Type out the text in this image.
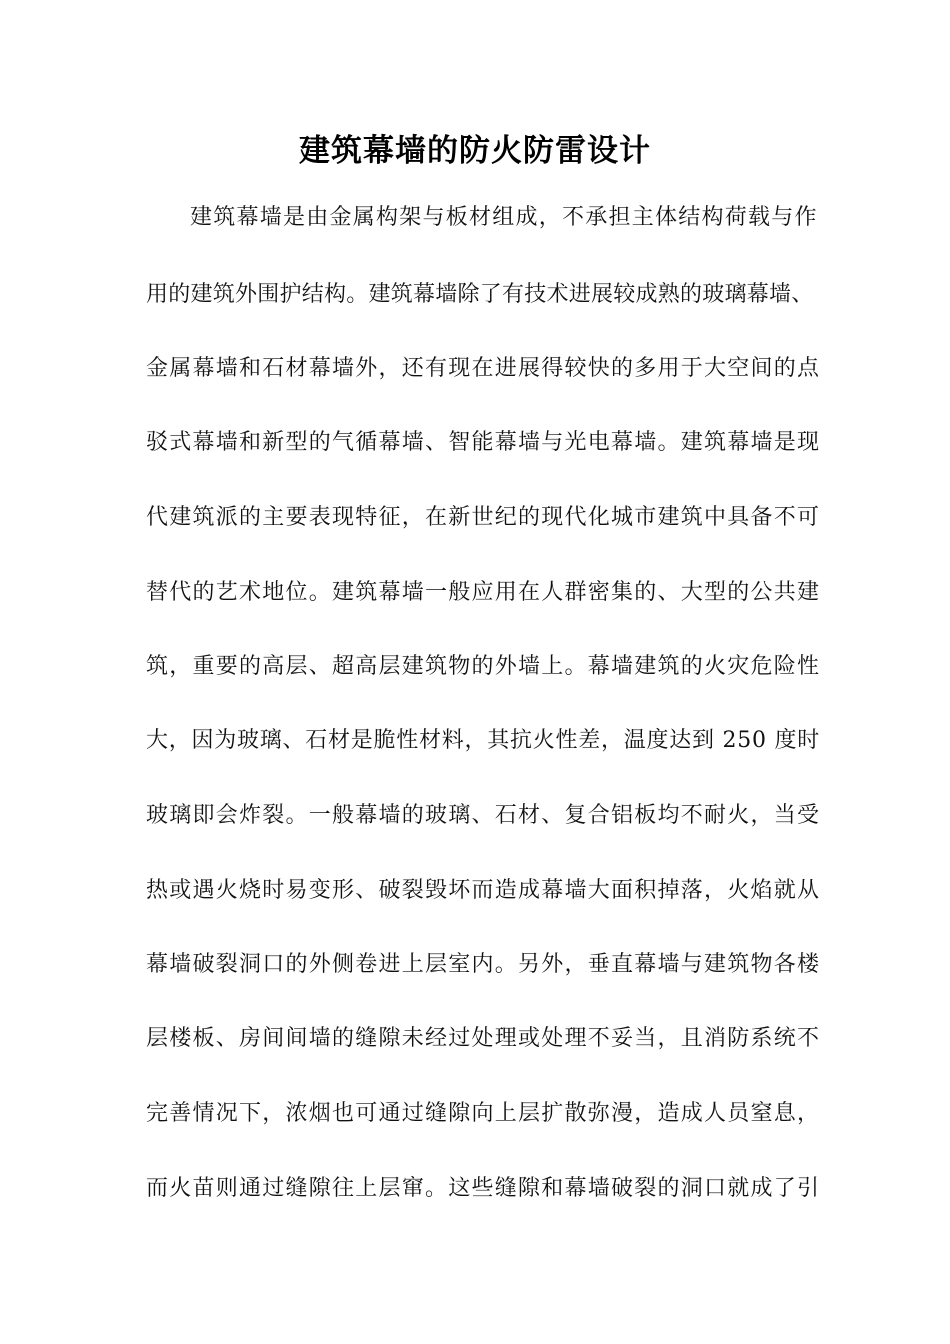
建筑幕墙的防火防雷设计
建筑幕墙是由金属构架与板材组成，不承担主体结构荷载与作
用的建筑外围护结构。建筑幕墙除了有技术进展较成熟的玻璃幕墙、
金属幕墙和石材幕墙外，还有现在进展得较快的多用于大空间的点
驳式幕墙和新型的气循幕墙、智能幕墙与光电幕墙。建筑幕墙是现
代建筑派的主要表现特征，在新世纪的现代化城市建筑中具备不可
替代的艺术地位。建筑幕墙一般应用在人群密集的、大型的公共建
筑，重要的高层、超高层建筑物的外墙上。幕墙建筑的火灾危险性
大，因为玻璃、石材是脆性材料，其抗火性差，温度达到 250 度时
玻璃即会炸裂。一般幕墙的玻璃、石材、复合铝板均不耐火，当受
热或遇火烧时易变形、破裂毁坏而造成幕墙大面积掉落，火焰就从
幕墙破裂洞口的外侧卷进上层室内。另外，垂直幕墙与建筑物各楼
层楼板、房间间墙的缝隙未经过处理或处理不妥当，且消防系统不
完善情况下，浓烟也可通过缝隙向上层扩散弥漫，造成人员窒息，
而火苗则通过缝隙往上层窜。这些缝隙和幕墙破裂的洞口就成了引
